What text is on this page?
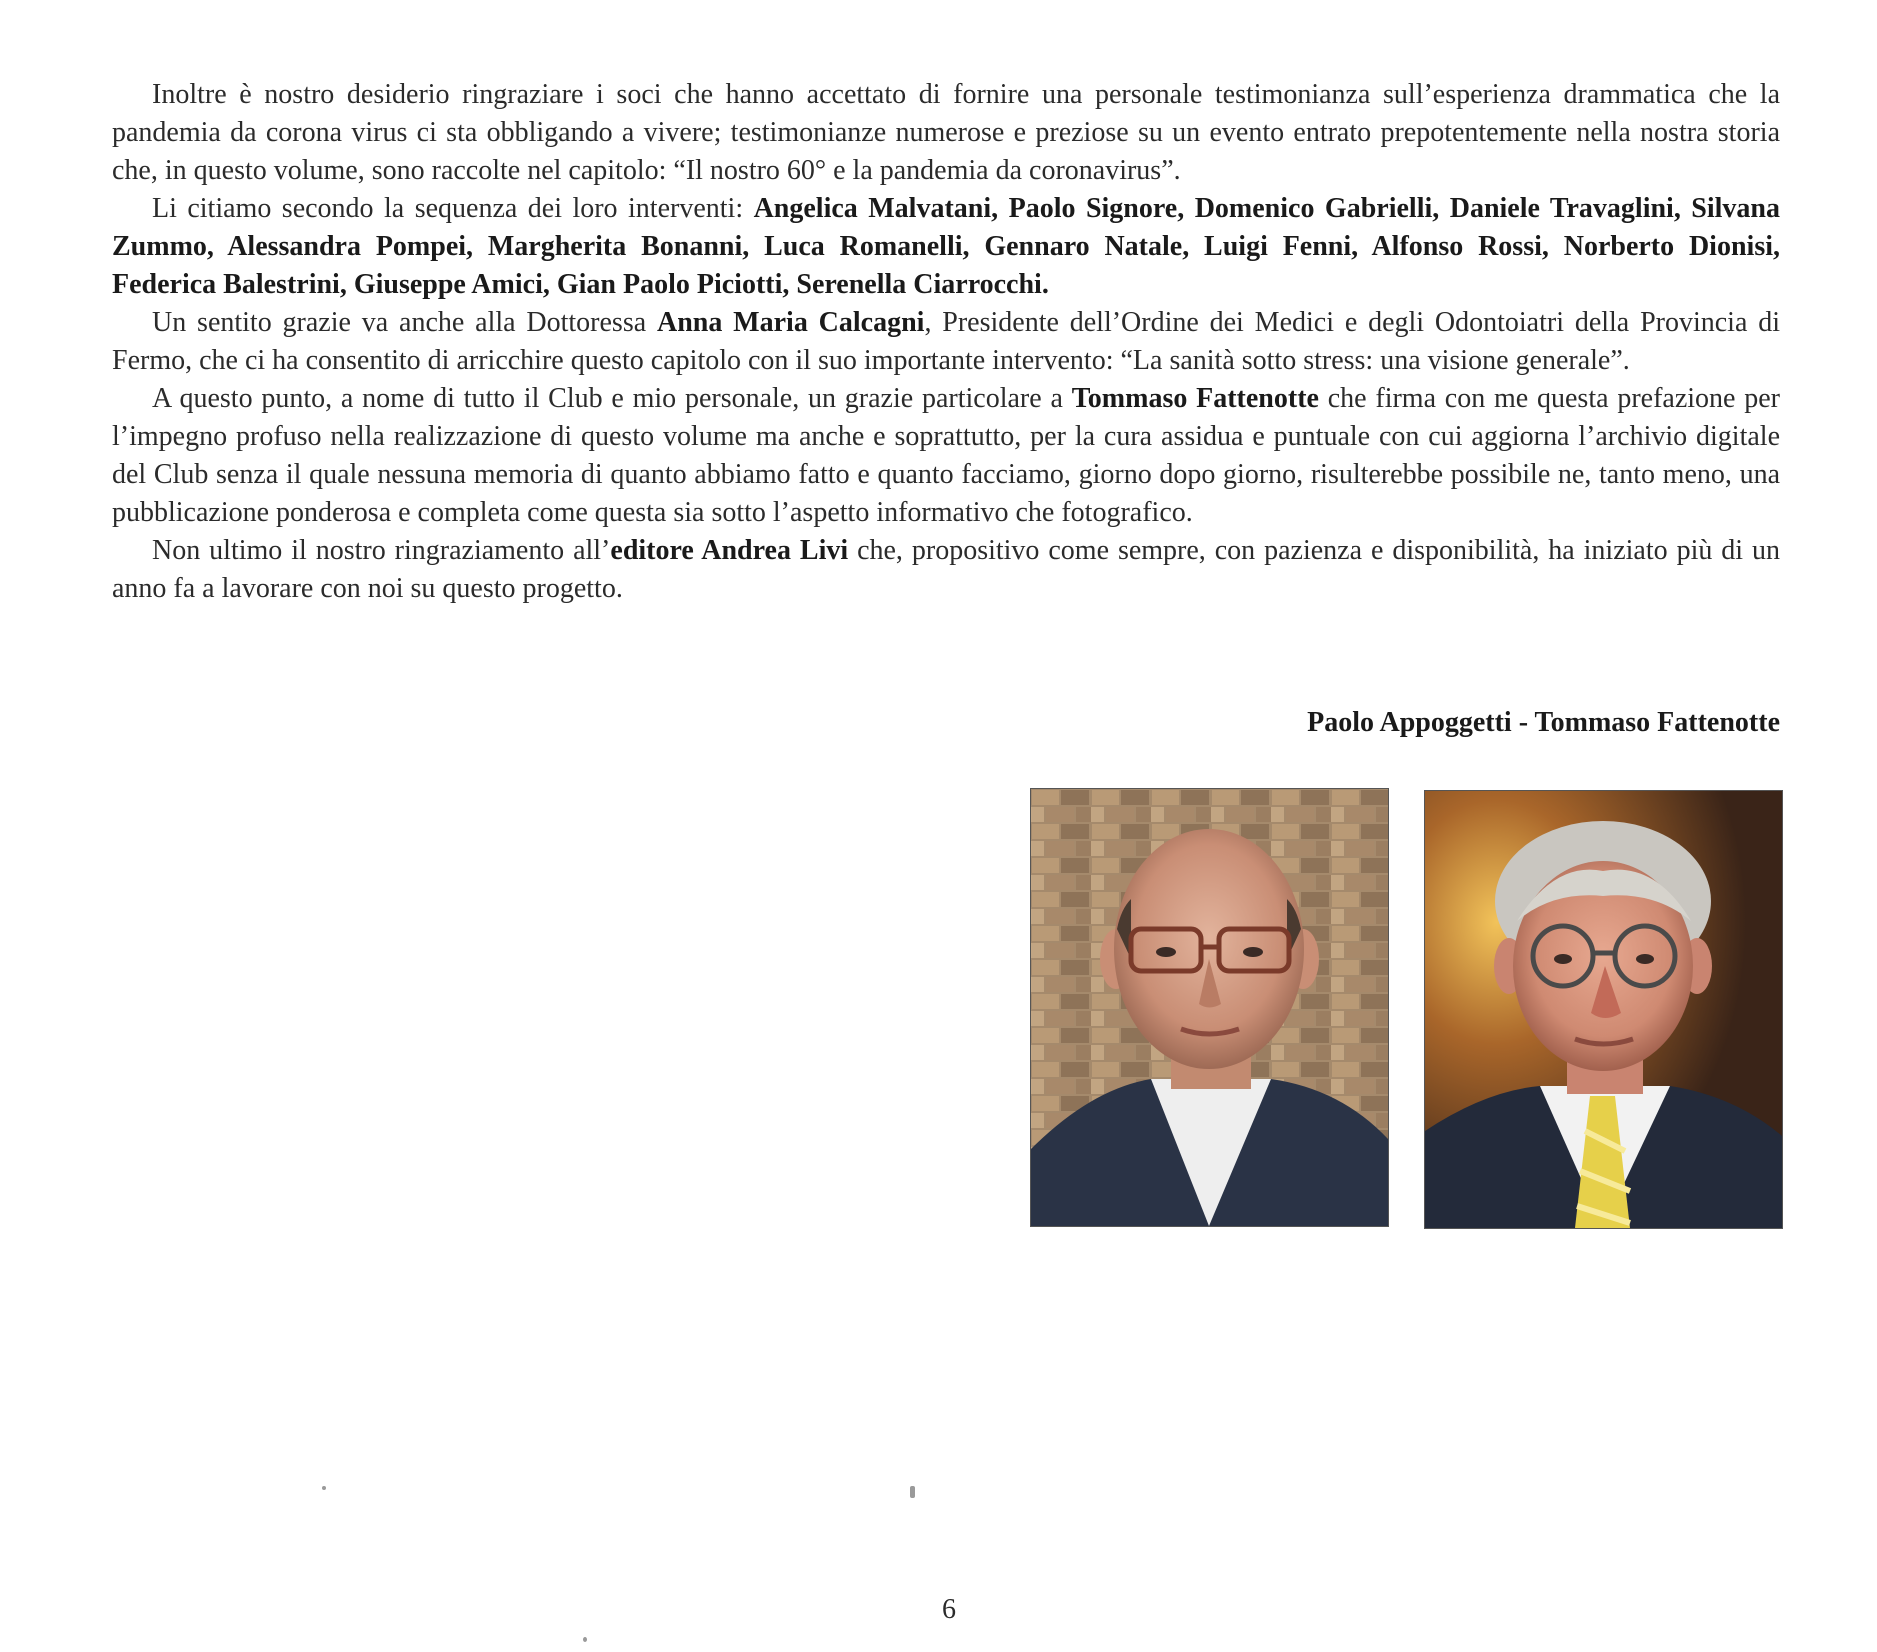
Inoltre è nostro desiderio ringraziare i soci che hanno accettato di fornire una personale testimonianza sull’esperienza drammatica che la pandemia da corona virus ci sta obbligando a vivere; testimonianze numerose e preziose su un evento entrato prepotentemente nella nostra storia che, in questo volume, sono raccolte nel capitolo: “Il nostro 60° e la pandemia da coronavirus”.

Li citiamo secondo la sequenza dei loro interventi: Angelica Malvatani, Paolo Signore, Domenico Gabrielli, Daniele Travaglini, Silvana Zummo, Alessandra Pompei, Margherita Bonanni, Luca Romanelli, Gennaro Natale, Luigi Fenni, Alfonso Rossi, Norberto Dionisi, Federica Balestrini, Giuseppe Amici, Gian Paolo Piciotti, Serenella Ciarrocchi.

Un sentito grazie va anche alla Dottoressa Anna Maria Calcagni, Presidente dell’Ordine dei Medici e degli Odontoiatri della Provincia di Fermo, che ci ha consentito di arricchire questo capitolo con il suo importante intervento: “La sanità sotto stress: una visione generale”.

A questo punto, a nome di tutto il Club e mio personale, un grazie particolare a Tommaso Fattenotte che firma con me questa prefazione per l’impegno profuso nella realizzazione di questo volume ma anche e soprattutto, per la cura assidua e puntuale con cui aggiorna l’archivio digitale del Club senza il quale nessuna memoria di quanto abbiamo fatto e quanto facciamo, giorno dopo giorno, risulterebbe possibile ne, tanto meno, una pubblicazione ponderosa e completa come questa sia sotto l’aspetto informativo che fotografico.

Non ultimo il nostro ringraziamento all’editore Andrea Livi che, propositivo come sempre, con pazienza e disponibilità, ha iniziato più di un anno fa a lavorare con noi su questo progetto.

Paolo Appoggetti - Tommaso Fattenotte
6
